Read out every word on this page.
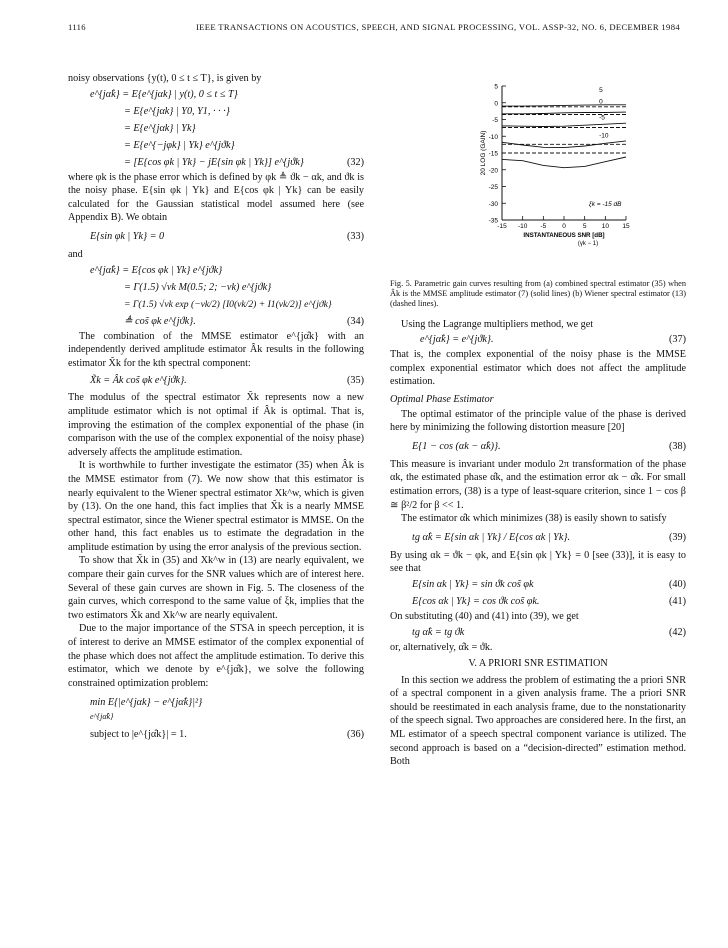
1116	IEEE TRANSACTIONS ON ACOUSTICS, SPEECH, AND SIGNAL PROCESSING, VOL. ASSP-32, NO. 6, DECEMBER 1984

noisy observations {y(t), 0 ≤ t ≤ T}, is given by

e^{jα̂k} = E{e^{jαk} | y(t), 0 ≤ t ≤ T}
= E{e^{jαk} | Y0, Y1, · · ·}
= E{e^{jαk} | Yk}
= E{e^{−jφk} | Yk} e^{jϑk}
= [E{cos φk | Yk} − jE{sin φk | Yk}] e^{jϑk}	(32)

where φk is the phase error which is defined by φk ≜ ϑk − αk, and ϑk is the noisy phase. E{sin φk | Yk} and E{cos φk | Yk} can be easily calculated for the Gaussian statistical model assumed here (see Appendix B). We obtain

E{sin φk | Yk} = 0	(33)

and

e^{jα̂k} = E{cos φk | Yk} e^{jϑk}
= Γ(1.5) √vk M(0.5; 2; −vk) e^{jϑk}
= Γ(1.5) √vk exp (−vk/2) [I0(vk/2) + I1(vk/2)] e^{jϑk}
≜ cos̃ φk e^{jϑk}.	(34)

The combination of the MMSE estimator e^{jα̂k} with an independently derived amplitude estimator Âk results in the following estimator X̃k for the kth spectral component:

X̃k = Âk cos̃ φk e^{jϑk}.	(35)

The modulus of the spectral estimator X̃k represents now a new amplitude estimator which is not optimal if Âk is optimal. That is, improving the estimation of the complex exponential of the phase (in comparison with the use of the complex exponential of the noisy phase) adversely affects the amplitude estimation.

It is worthwhile to further investigate the estimator (35) when Âk is the MMSE estimator from (7). We now show that this estimator is nearly equivalent to the Wiener spectral estimator Xk^w, which is given by (13). On the one hand, this fact implies that X̃k is a nearly MMSE spectral estimator, since the Wiener spectral estimator is MMSE. On the other hand, this fact enables us to estimate the degradation in the amplitude estimation by using the error analysis of the previous section.

To show that X̃k in (35) and Xk^w in (13) are nearly equivalent, we compare their gain curves for the SNR values which are of interest here. Several of these gain curves are shown in Fig. 5. The closeness of the gain curves, which correspond to the same value of ξk, implies that the two estimators X̃k and Xk^w are nearly equivalent.

Due to the major importance of the STSA in speech perception, it is of interest to derive an MMSE estimator of the complex exponential of the phase which does not affect the amplitude estimation. To derive this estimator, which we denote by e^{jα̂k}, we solve the following constrained optimization problem:

min E{|e^{jαk} − e^{jα̂k}|²}
e^{jα̂k}
subject to |e^{jα̂k}| = 1.	(36)
5
0
-5
-10
-15
-20
-25
-30
-35
-15 -10 -5 0	5 10 15
20 LOG (GAIN)
INSTANTANEOUS SNR [dB]
(γk − 1)
5
0
-5
-10
ξk = -15 dB

Fig. 5. Parametric gain curves resulting from (a) combined spectral estimator (35) when Âk is the MMSE amplitude estimator (7) (solid lines) (b) Wiener spectral estimator (13) (dashed lines).

Using the Lagrange multipliers method, we get

e^{jα̂k} = e^{jϑk}.	(37)

That is, the complex exponential of the noisy phase is the MMSE complex exponential estimator which does not affect the amplitude estimation.

Optimal Phase Estimator

The optimal estimator of the principle value of the phase is derived here by minimizing the following distortion measure [20]

E{1 − cos (αk − α̂k)}.	(38)

This measure is invariant under modulo 2π transformation of the phase αk, the estimated phase α̂k, and the estimation error αk − α̂k. For small estimation errors, (38) is a type of least-square criterion, since 1 − cos β ≅ β²/2 for β << 1.

The estimator α̂k which minimizes (38) is easily shown to satisfy

tg α̂k = E{sin αk | Yk} / E{cos αk | Yk}.	(39)

By using αk = ϑk − φk, and E{sin φk | Yk} = 0 [see (33)], it is easy to see that

E{sin αk | Yk} = sin ϑk cos̃ φk	(40)
E{cos αk | Yk} = cos ϑk cos̃ φk.	(41)

On substituting (40) and (41) into (39), we get

tg α̂k = tg ϑk	(42)

or, alternatively, α̂k = ϑk.

V. A PRIORI SNR ESTIMATION

In this section we address the problem of estimating the a priori SNR of a spectral component in a given analysis frame. The a priori SNR should be reestimated in each analysis frame, due to the nonstationarity of the speech signal. Two approaches are considered here. In the first, an ML estimator of a speech spectral component variance is utilized. The second approach is based on a “decision-directed” estimation method. Both
